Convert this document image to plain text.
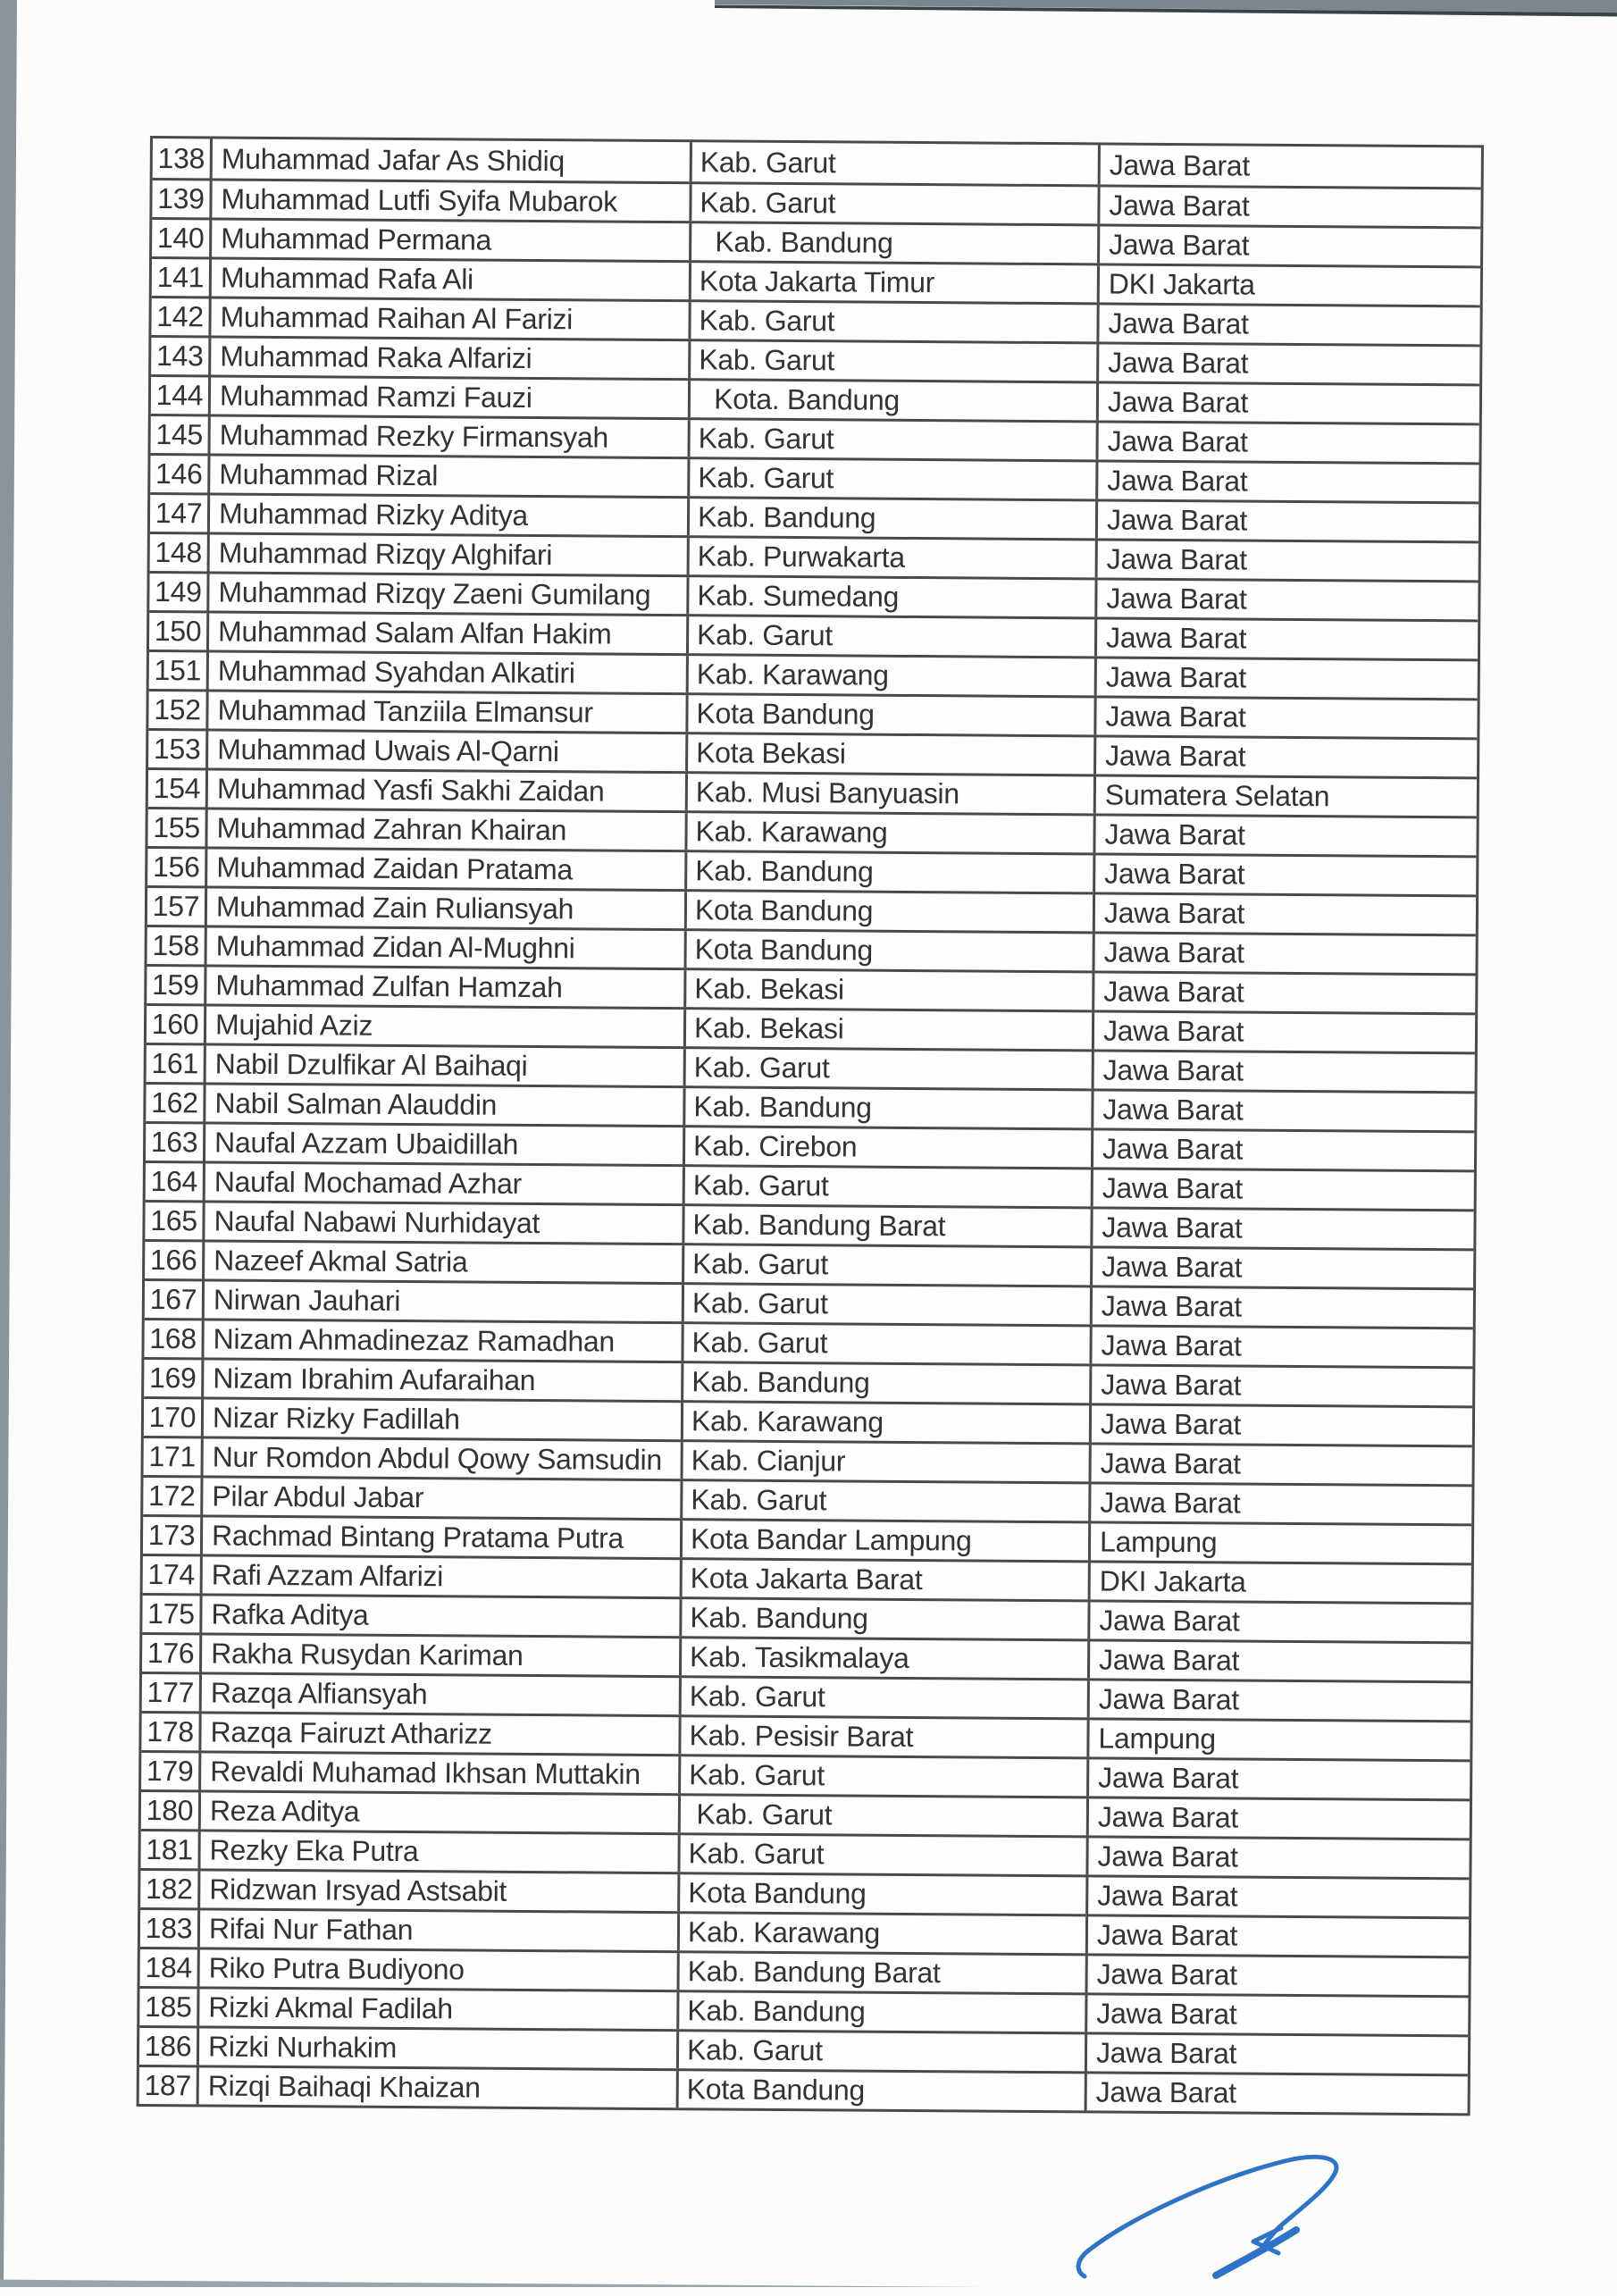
138 Muhammad Jafar As Shidiq	Kab. Garut	Jawa Barat
139 Muhammad Lutfi Syifa Mubarok	Kab. Garut	Jawa Barat
140 Muhammad Permana	Kab. Bandung	Jawa Barat
141 Muhammad Rafa Ali	Kota Jakarta Timur	DKI Jakarta
142 Muhammad Raihan Al Farizi	Kab. Garut	Jawa Barat
143 Muhammad Raka Alfarizi	Kab. Garut	Jawa Barat
144 Muhammad Ramzi Fauzi	Kota. Bandung	Jawa Barat
145 Muhammad Rezky Firmansyah	Kab. Garut	Jawa Barat
146 Muhammad Rizal	Kab. Garut	Jawa Barat
147 Muhammad Rizky Aditya	Kab. Bandung	Jawa Barat
148 Muhammad Rizqy Alghifari	Kab. Purwakarta	Jawa Barat
149 Muhammad Rizqy Zaeni Gumilang	Kab. Sumedang	Jawa Barat
150 Muhammad Salam Alfan Hakim	Kab. Garut	Jawa Barat
151 Muhammad Syahdan Alkatiri	Kab. Karawang	Jawa Barat
152 Muhammad Tanziila Elmansur	Kota Bandung	Jawa Barat
153 Muhammad Uwais Al-Qarni	Kota Bekasi	Jawa Barat
154 Muhammad Yasfi Sakhi Zaidan	Kab. Musi Banyuasin	Sumatera Selatan
155 Muhammad Zahran Khairan	Kab. Karawang	Jawa Barat
156 Muhammad Zaidan Pratama	Kab. Bandung	Jawa Barat
157 Muhammad Zain Ruliansyah	Kota Bandung	Jawa Barat
158 Muhammad Zidan Al-Mughni	Kota Bandung	Jawa Barat
159 Muhammad Zulfan Hamzah	Kab. Bekasi	Jawa Barat
160 Mujahid Aziz	Kab. Bekasi	Jawa Barat
161 Nabil Dzulfikar Al Baihaqi	Kab. Garut	Jawa Barat
162 Nabil Salman Alauddin	Kab. Bandung	Jawa Barat
163 Naufal Azzam Ubaidillah	Kab. Cirebon	Jawa Barat
164 Naufal Mochamad Azhar	Kab. Garut	Jawa Barat
165 Naufal Nabawi Nurhidayat	Kab. Bandung Barat	Jawa Barat
166 Nazeef Akmal Satria	Kab. Garut	Jawa Barat
167 Nirwan Jauhari	Kab. Garut	Jawa Barat
168 Nizam Ahmadinezaz Ramadhan	Kab. Garut	Jawa Barat
169 Nizam Ibrahim Aufaraihan	Kab. Bandung	Jawa Barat
170 Nizar Rizky Fadillah	Kab. Karawang	Jawa Barat
171 Nur Romdon Abdul Qowy Samsudin	Kab. Cianjur	Jawa Barat
172 Pilar Abdul Jabar	Kab. Garut	Jawa Barat
173 Rachmad Bintang Pratama Putra	Kota Bandar Lampung	Lampung
174 Rafi Azzam Alfarizi	Kota Jakarta Barat	DKI Jakarta
175 Rafka Aditya	Kab. Bandung	Jawa Barat
176 Rakha Rusydan Kariman	Kab. Tasikmalaya	Jawa Barat
177 Razqa Alfiansyah	Kab. Garut	Jawa Barat
178 Razqa Fairuzt Atharizz	Kab. Pesisir Barat	Lampung
179 Revaldi Muhamad Ikhsan Muttakin	Kab. Garut	Jawa Barat
180 Reza Aditya	Kab. Garut	Jawa Barat
181 Rezky Eka Putra	Kab. Garut	Jawa Barat
182 Ridzwan Irsyad Astsabit	Kota Bandung	Jawa Barat
183 Rifai Nur Fathan	Kab. Karawang	Jawa Barat
184 Riko Putra Budiyono	Kab. Bandung Barat	Jawa Barat
185 Rizki Akmal Fadilah	Kab. Bandung	Jawa Barat
186 Rizki Nurhakim	Kab. Garut	Jawa Barat
187 Rizqi Baihaqi Khaizan	Kota Bandung	Jawa Barat
